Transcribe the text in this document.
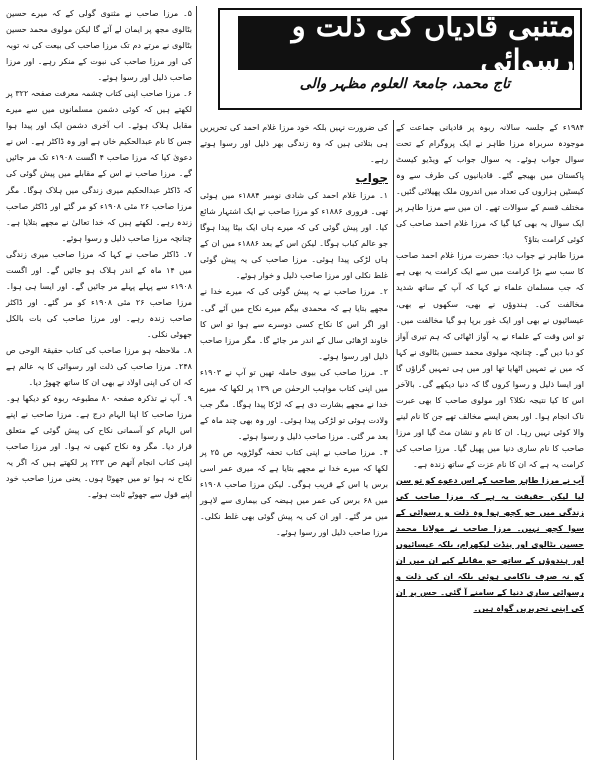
متنبی قادیاں کی ذلت و رسوائی
تاج محمد، جامعۃ العلوم مظہر والی

۱۹۸۴ء کے جلسہ سالانہ ربوہ پر قادیانی جماعت کے موجودہ سربراہ مرزا طاہر نے ایک پروگرام کے تحت سوال جواب ہوئے۔ یہ سوال جواب کے ویڈیو کیسٹ پاکستان میں بھیجے گئے۔ قادیانیوں کی طرف سے وہ کیسٹیں ہزاروں کی تعداد میں اندرون ملک پھیلائی گئیں۔ مختلف قسم کے سوالات تھے۔ ان میں سے مرزا طاہر پر ایک سوال یہ بھی کیا گیا کہ مرزا غلام احمد صاحب کی کوئی کرامت بتاؤ؟

مرزا طاہر نے جواب دیا: حضرت مرزا غلام احمد صاحب کا سب سے بڑا کرامت میں سے ایک کرامت یہ بھی ہے کہ جب مسلمان علماء نے کہا کہ آپ کے ساتھ شدید مخالفت کی۔ ہندوؤں نے بھی، سکھوں نے بھی، عیسائیوں نے بھی اور ایک غور برپا ہو گیا مخالفت میں۔ تو اس وقت کے علماء نے یہ آواز اٹھائی کہ ہم تیری آواز کو دبا دیں گے۔ چنانچہ مولوی محمد حسین بٹالوی نے کہا کہ میں نے تمہیں اٹھایا تھا اور میں ہی تمہیں گراؤں گا اور ایسا ذلیل و رسوا کروں گا کہ دنیا دیکھے گی۔ بالآخر اس کا کیا نتیجہ نکلا؟ اور مولوی صاحب کا بھی عبرت ناک انجام ہوا۔ اور بعض ایسے مخالف تھے جن کا نام لینے والا کوئی نہیں رہا۔ ان کا نام و نشان مٹ گیا اور مرزا صاحب کا نام ساری دنیا میں پھیل گیا۔ مرزا صاحب کی کرامت یہ ہے کہ ان کا نام عزت کے ساتھ زندہ ہے۔

آپ نے مرزا طاہر صاحب کے اس دعوے کو تو سن لیا لیکن حقیقت یہ ہے کہ مرزا صاحب کی زندگی میں جو کچھ ہوا وہ ذلت و رسوائی کے سوا کچھ نہیں۔ مرزا صاحب نے مولانا محمد حسین بٹالوی اور پنڈت لیکھرام، بلکہ عیسائیوں اور ہندوؤں کے ساتھ جو مقابلے کیے ان میں ان کو نہ صرف ناکامی ہوئی بلکہ ان کی ذلت و رسوائی ساری دنیا کے سامنے آ گئی۔ جس پر ان کی اپنی تحریریں گواہ ہیں۔

کی ضرورت نہیں بلکہ خود مرزا غلام احمد کی تحریریں ہی بتلاتی ہیں کہ وہ زندگی بھر ذلیل اور رسوا ہوتے رہے۔

جواب

۱۔ مرزا غلام احمد کی شادی نومبر ۱۸۸۴ء میں ہوئی تھی۔ فروری ۱۸۸۶ء کو مرزا صاحب نے ایک اشتہار شائع کیا۔ اور پیش گوئی کی کہ میرے ہاں ایک بیٹا پیدا ہوگا جو عالم کباب ہوگا۔ لیکن اس کے بعد ۱۸۸۶ء میں ان کے ہاں لڑکی پیدا ہوئی۔ مرزا صاحب کی یہ پیش گوئی غلط نکلی اور مرزا صاحب ذلیل و خوار ہوئے۔

۲۔ مرزا صاحب نے یہ پیش گوئی کی کہ میرے خدا نے مجھے بتایا ہے کہ محمدی بیگم میرے نکاح میں آئے گی۔ اور اگر اس کا نکاح کسی دوسرے سے ہوا تو اس کا خاوند اڑھائی سال کے اندر مر جائے گا۔ مگر مرزا صاحب ذلیل اور رسوا ہوئے۔

۳۔ مرزا صاحب کی بیوی حاملہ تھیں تو آپ نے ۱۹۰۳ء میں اپنی کتاب مواہب الرحمٰن ص ۱۳۹ پر لکھا کہ میرے خدا نے مجھے بشارت دی ہے کہ لڑکا پیدا ہوگا۔ مگر جب ولادت ہوئی تو لڑکی پیدا ہوئی۔ اور وہ بھی چند ماہ کے بعد مر گئی۔ مرزا صاحب ذلیل و رسوا ہوئے۔

۴۔ مرزا صاحب نے اپنی کتاب تحفہ گولڑویہ ص ۲۵ پر لکھا کہ میرے خدا نے مجھے بتایا ہے کہ میری عمر اسی برس یا اس کے قریب ہوگی۔ لیکن مرزا صاحب ۱۹۰۸ء میں ۶۸ برس کی عمر میں ہیضہ کی بیماری سے لاہور میں مر گئے۔ اور ان کی یہ پیش گوئی بھی غلط نکلی۔ مرزا صاحب ذلیل اور رسوا ہوئے۔

۵۔ مرزا صاحب نے مثنوی گولی کے کہ میرے حسین بٹالوی مجھ پر ایمان لے آئے گا لیکن مولوی محمد حسین بٹالوی نے مرتے دم تک مرزا صاحب کی بیعت کی نہ توبہ کی اور مرزا صاحب کی نبوت کے منکر رہے۔ اور مرزا صاحب ذلیل اور رسوا ہوئے۔

۶۔ مرزا صاحب اپنی کتاب چشمہ معرفت صفحہ ۳۲۲ پر لکھتے ہیں کہ کوئی دشمن مسلمانوں میں سے میرے مقابل ہلاک ہوئے۔ اب آخری دشمن ایک اور پیدا ہوا جس کا نام عبدالحکیم خاں ہے اور وہ ڈاکٹر ہے۔ اس نے دعویٰ کیا کہ مرزا صاحب ۴ اگست ۱۹۰۸ء تک مر جائیں گے۔ مرزا صاحب نے اس کے مقابلے میں پیش گوئی کی کہ ڈاکٹر عبدالحکیم میری زندگی میں ہلاک ہوگا۔ مگر مرزا صاحب ۲۶ مئی ۱۹۰۸ء کو مر گئے اور ڈاکٹر صاحب زندہ رہے۔ لکھتے ہیں کہ خدا تعالیٰ نے مجھے بتلایا ہے۔ چنانچہ مرزا صاحب ذلیل و رسوا ہوئے۔

۷۔ ڈاکٹر صاحب نے کہا کہ مرزا صاحب میری زندگی میں ۱۴ ماہ کے اندر ہلاک ہو جائیں گے۔ اور اگست ۱۹۰۸ء سے پہلے پہلے مر جائیں گے۔ اور ایسا ہی ہوا۔ مرزا صاحب ۲۶ مئی ۱۹۰۸ء کو مر گئے۔ اور ڈاکٹر صاحب زندہ رہے۔ اور مرزا صاحب کی بات بالکل جھوٹی نکلی۔

۸۔ ملاحظہ ہو مرزا صاحب کی کتاب حقیقۃ الوحی ص ۲۴۸۔ مرزا صاحب کی ذلت اور رسوائی کا یہ عالم ہے کہ ان کی اپنی اولاد نے بھی ان کا ساتھ چھوڑ دیا۔

۹۔ آپ نے تذکرہ صفحہ ۸۰ مطبوعہ ربوہ کو دیکھا ہو۔ مرزا صاحب کا اپنا الہام درج ہے۔ مرزا صاحب نے اپنے اس الہام کو آسمانی نکاح کی پیش گوئی کے متعلق قرار دیا۔ مگر وہ نکاح کبھی نہ ہوا۔ اور مرزا صاحب اپنی کتاب انجام آتھم ص ۲۲۳ پر لکھتے ہیں کہ اگر یہ نکاح نہ ہوا تو میں جھوٹا ہوں۔ یعنی مرزا صاحب خود اپنے قول سے جھوٹے ثابت ہوئے۔
